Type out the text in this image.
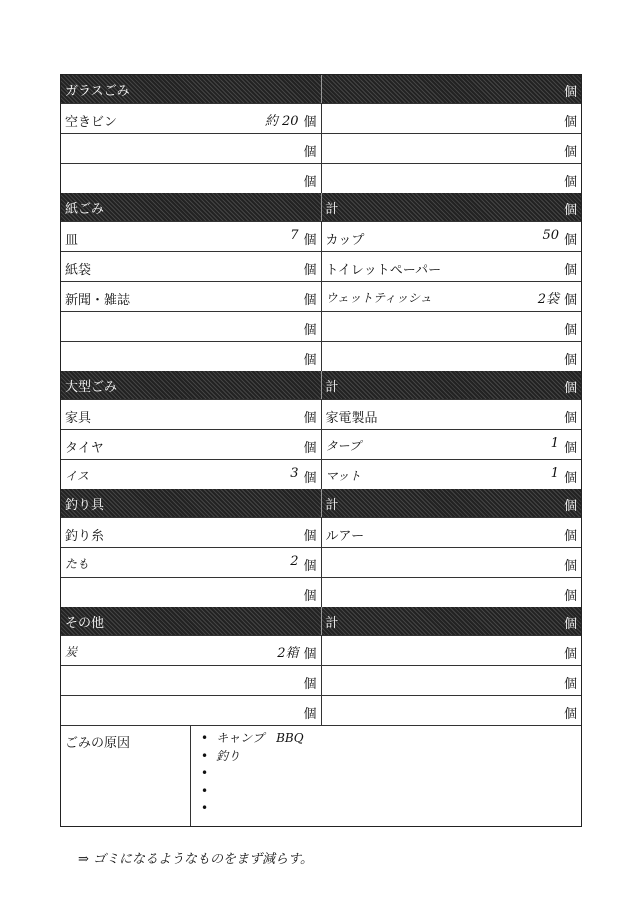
ガラスごみ	個
空きビン	約 20 個	個
個	個
個	個
紙ごみ	計	個
皿	7 個 カップ	50 個
紙袋	個 トイレットペーパー	個
新聞・雑誌	個 ウェットティッシュ	2袋 個
個	個
個	個
大型ごみ	計	個
家具	個 家電製品	個
タイヤ	個 タープ	1 個
イス	3 個 マット	1 個
釣り具	計	個
釣り糸	個 ルアー	個
たも	2 個	個
個	個
その他	計	個
炭	2箱 個	個
個	個
個	個
ごみの原因
•	キャンプ　BBQ
• 釣り
•
•
•
⇒ ゴミになるようなものをまず減らす。
